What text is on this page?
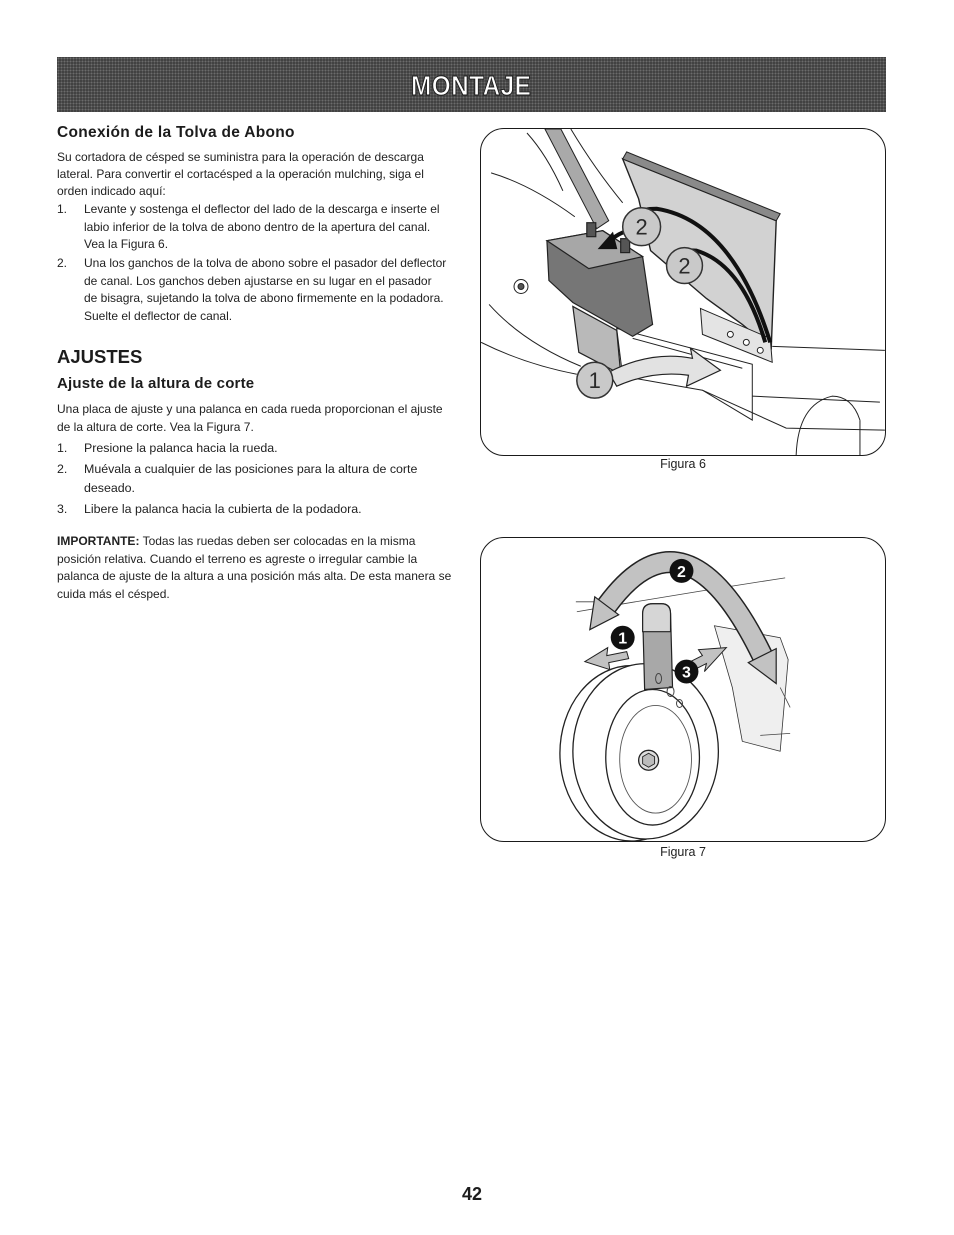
MONTAJE
Conexión de la Tolva de Abono
Su cortadora de césped se suministra para la operación de descarga
lateral. Para convertir el cortacésped a la operación mulching, siga el
orden indicado aquí:
1.	Levante y sostenga el deflector del lado de la descarga e inserte el
labio inferior de la tolva de abono dentro de la apertura del canal.
Vea la Figura 6.
2.	Una los ganchos de la tolva de abono sobre el pasador del deflector
de canal. Los ganchos deben ajustarse en su lugar en el pasador
de bisagra, sujetando la tolva de abono firmemente en la podadora.
Suelte el deflector de canal.
AJUSTES
Ajuste de la altura de corte
Una placa de ajuste y una palanca en cada rueda proporcionan el ajuste
de la altura de corte. Vea la Figura 7.
1.	Presione la palanca hacia la rueda.
2.	Muévala a cualquier de las posiciones para la altura de corte
deseado.
3.	Libere la palanca hacia la cubierta de la podadora.
IMPORTANTE: Todas las ruedas deben ser colocadas en la misma
posición relativa. Cuando el terreno es agreste o irregular cambie la
palanca de ajuste de la altura a una posición más alta. De esta manera se
cuida más el césped.
2
2
1
Figura 6
2
1
3
Figura 7
42
